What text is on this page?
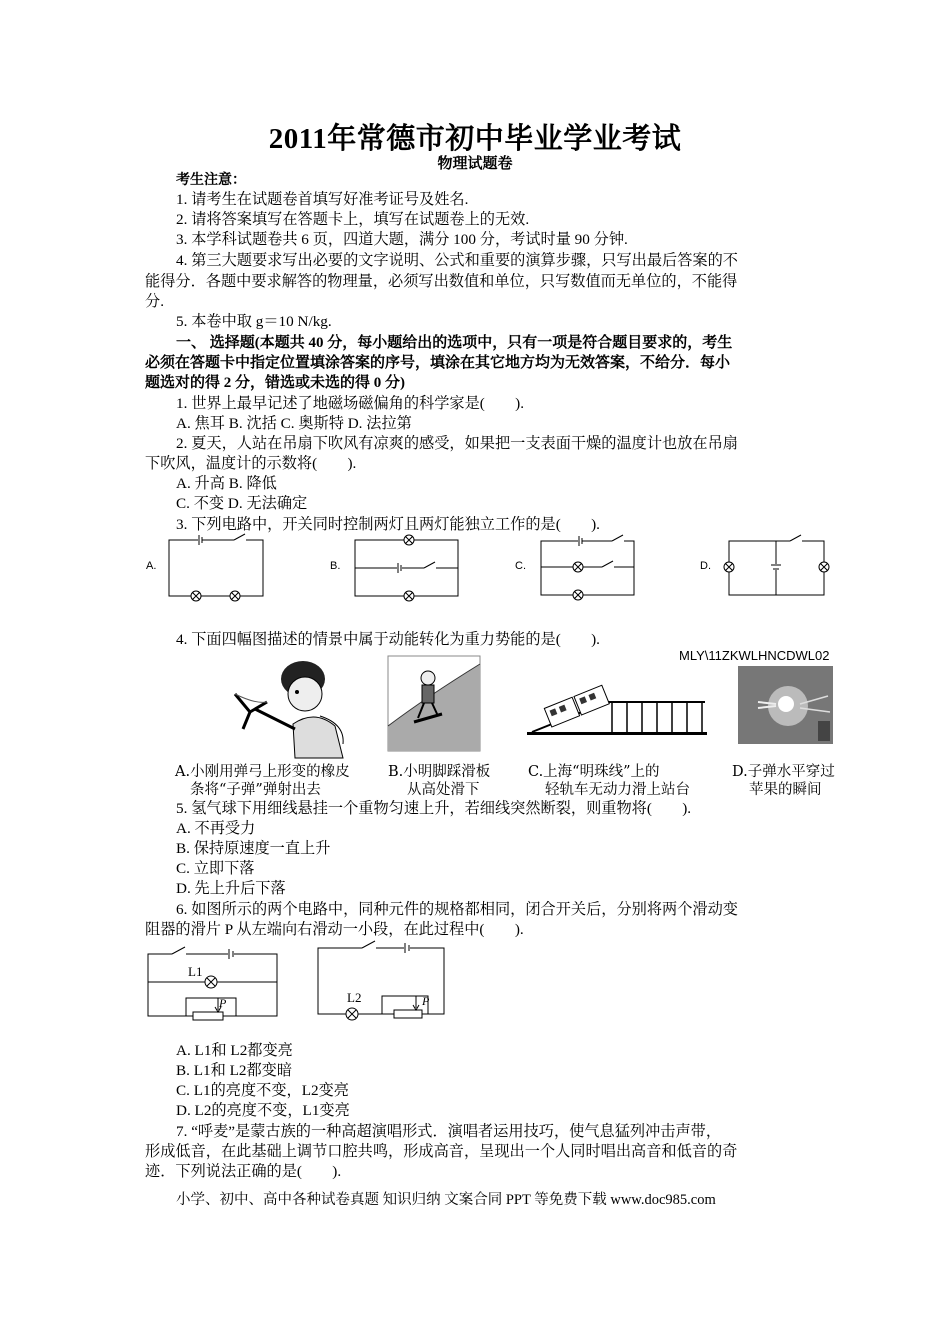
2011年常德市初中毕业学业考试
物理试题卷
考生注意：
1. 请考生在试题卷首填写好准考证号及姓名.
2. 请将答案填写在答题卡上，填写在试题卷上的无效.
3. 本学科试题卷共 6 页，四道大题，满分 100 分，考试时量 90 分钟.
4. 第三大题要求写出必要的文字说明、公式和重要的演算步骤，只写出最后答案的不
能得分．各题中要求解答的物理量，必须写出数值和单位，只写数值而无单位的，不能得
分.
5. 本卷中取 g＝10 N/kg.
一、 选择题(本题共 40 分，每小题给出的选项中，只有一项是符合题目要求的，考生
必须在答题卡中指定位置填涂答案的序号，填涂在其它地方均为无效答案，不给分．每小
题选对的得 2 分，错选或未选的得 0 分)
1. 世界上最早记述了地磁场磁偏角的科学家是(　　).
A. 焦耳 B. 沈括 C. 奥斯特 D. 法拉第
2. 夏天，人站在吊扇下吹风有凉爽的感受，如果把一支表面干燥的温度计也放在吊扇
下吹风，温度计的示数将(　　).
A. 升高 B. 降低
C. 不变 D. 无法确定
3. 下列电路中，开关同时控制两灯且两灯能独立工作的是(　　).
A.	B.	C.	D.
4. 下面四幅图描述的情景中属于动能转化为重力势能的是(　　).
MLY\11ZKWLHNCDWL02
A.小刚用弹弓上形变的橡皮
条将“子弹”弹射出去
B.小明脚踩滑板
从高处滑下
C.上海“明珠线”上的
轻轨车无动力滑上站台
D.子弹水平穿过
苹果的瞬间
5. 氢气球下用细线悬挂一个重物匀速上升，若细线突然断裂，则重物将(　　).
A. 不再受力
B. 保持原速度一直上升
C. 立即下落
D. 先上升后下落
6. 如图所示的两个电路中，同种元件的规格都相同，闭合开关后，分别将两个滑动变
阻器的滑片 P 从左端向右滑动一小段，在此过程中(　　).
L1
P	L2	P
A. L1和 L2都变亮
B. L1和 L2都变暗
C. L1的亮度不变，L2变亮
D. L2的亮度不变，L1变亮
7. “呼麦”是蒙古族的一种高超演唱形式．演唱者运用技巧，使气息猛列冲击声带，
形成低音，在此基础上调节口腔共鸣，形成高音，呈现出一个人同时唱出高音和低音的奇
迹．下列说法正确的是(　　).
小学、初中、高中各种试卷真题 知识归纳 文案合同 PPT 等免费下载 www.doc985.com
